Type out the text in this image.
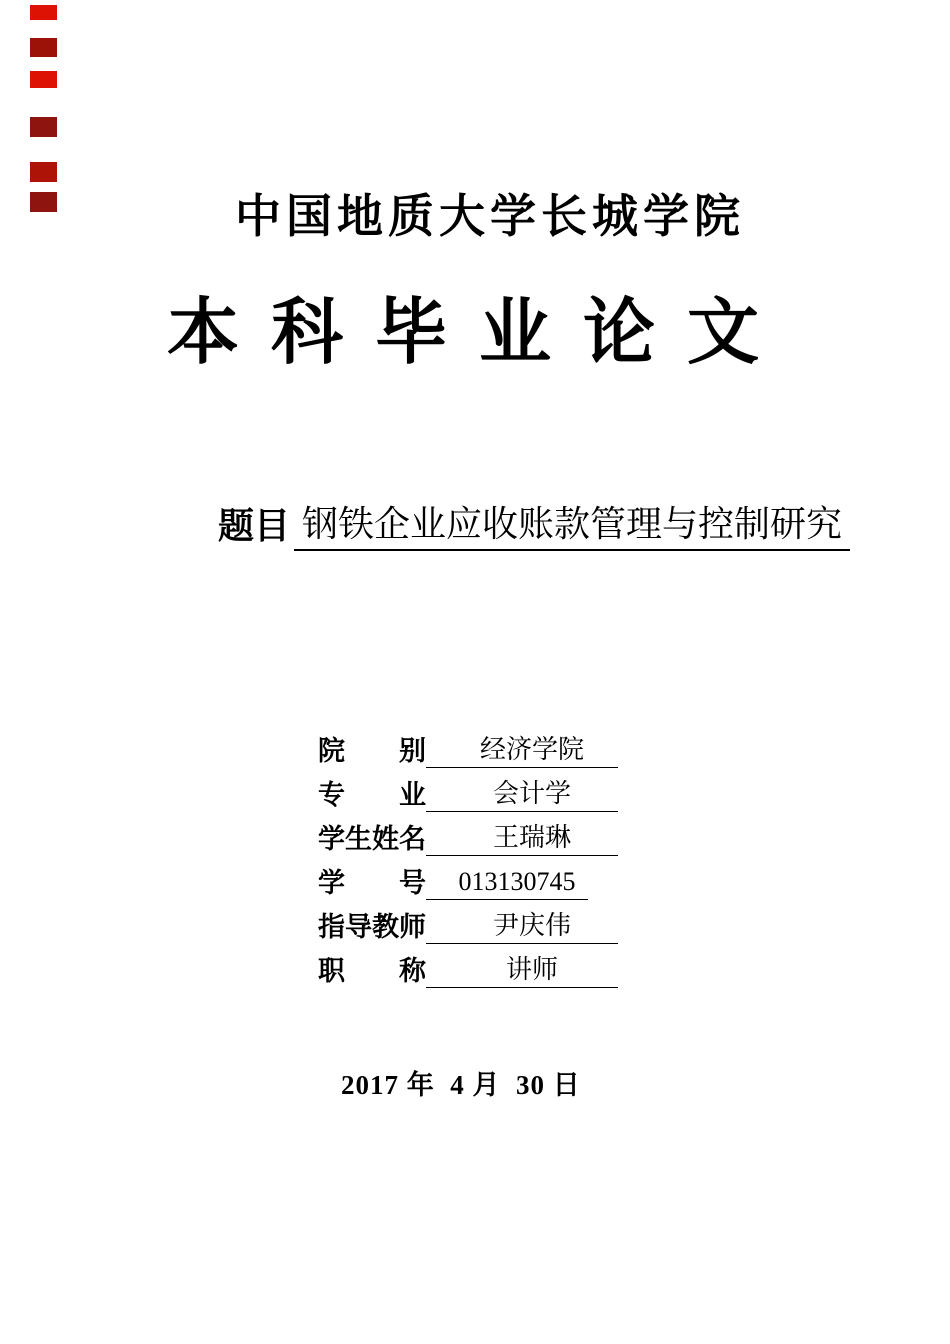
中国地质大学长城学院
本科毕业论文
题目 钢铁企业应收账款管理与控制研究
院别	经济学院
专业	会计学
学生姓名	王瑞琳
学号	013130745
指导教师	尹庆伟
职称	讲师
2017 年  4 月  30 日
